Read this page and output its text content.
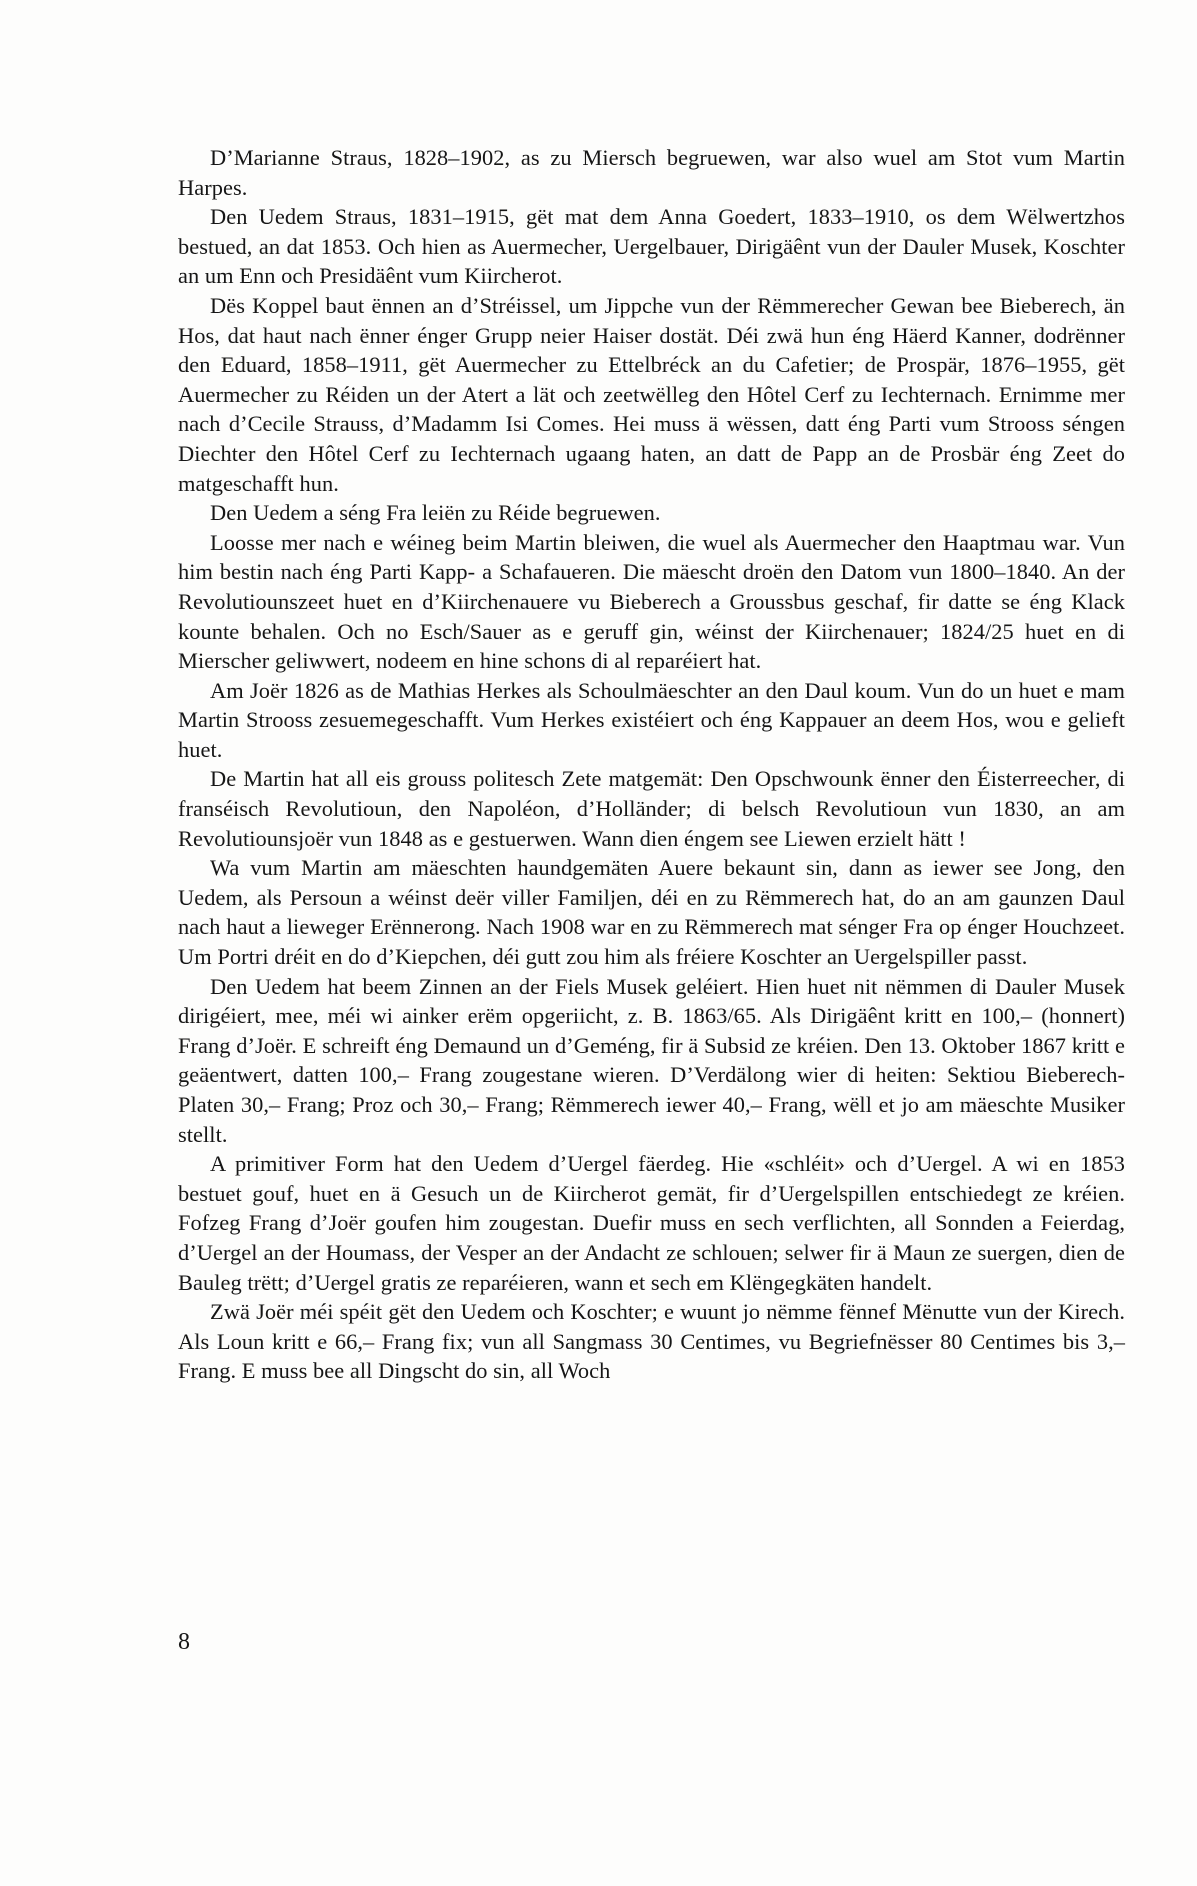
D’Marianne Straus, 1828–1902, as zu Miersch begruewen, war also wuel am Stot vum Martin Harpes.

Den Uedem Straus, 1831–1915, gët mat dem Anna Goedert, 1833–1910, os dem Wëlwertzhos bestued, an dat 1853. Och hien as Auermecher, Uergelbauer, Dirigäênt vun der Dauler Musek, Koschter an um Enn och Presidäênt vum Kiircherot.

Dës Koppel baut ënnen an d’Stréissel, um Jippche vun der Rëmmerecher Gewan bee Bieberech, än Hos, dat haut nach ënner énger Grupp neier Haiser dostät. Déi zwä hun éng Häerd Kanner, dodrënner den Eduard, 1858–1911, gët Auermecher zu Ettelbréck an du Cafetier; de Prospär, 1876–1955, gët Auermecher zu Réiden un der Atert a lät och zeetwëlleg den Hôtel Cerf zu Iechternach. Ernimme mer nach d’Cecile Strauss, d’Madamm Isi Comes. Hei muss ä wëssen, datt éng Parti vum Strooss séngen Diechter den Hôtel Cerf zu Iechternach ugaang haten, an datt de Papp an de Prosbär éng Zeet do matgeschafft hun.

Den Uedem a séng Fra leiën zu Réide begruewen.

Loosse mer nach e wéineg beim Martin bleiwen, die wuel als Auermecher den Haaptmau war. Vun him bestin nach éng Parti Kapp- a Schafaueren. Die mäescht droën den Datom vun 1800–1840. An der Revolutiounszeet huet en d’Kiirchenauere vu Bieberech a Groussbus geschaf, fir datte se éng Klack kounte behalen. Och no Esch/Sauer as e geruff gin, wéinst der Kiirchenauer; 1824/25 huet en di Mierscher geliwwert, nodeem en hine schons di al reparéiert hat.

Am Joër 1826 as de Mathias Herkes als Schoulmäeschter an den Daul koum. Vun do un huet e mam Martin Strooss zesuemegeschafft. Vum Herkes existéiert och éng Kappauer an deem Hos, wou e gelieft huet.

De Martin hat all eis grouss politesch Zete matgemät: Den Opschwounk ënner den Éisterreecher, di franséisch Revolutioun, den Napoléon, d’Holländer; di belsch Revolutioun vun 1830, an am Revolutiounsjoër vun 1848 as e gestuerwen. Wann dien éngem see Liewen erzielt hätt !

Wa vum Martin am mäeschten haundgemäten Auere bekaunt sin, dann as iewer see Jong, den Uedem, als Persoun a wéinst deër viller Familjen, déi en zu Rëmmerech hat, do an am gaunzen Daul nach haut a lieweger Erënnerong. Nach 1908 war en zu Rëmmerech mat sénger Fra op énger Houchzeet. Um Portri dréit en do d’Kiepchen, déi gutt zou him als fréiere Koschter an Uergelspiller passt.

Den Uedem hat beem Zinnen an der Fiels Musek geléiert. Hien huet nit nëmmen di Dauler Musek dirigéiert, mee, méi wi ainker erëm opgeriicht, z. B. 1863/65. Als Dirigäênt kritt en 100,– (honnert) Frang d’Joër. E schreift éng Demaund un d’Geméng, fir ä Subsid ze kréien. Den 13. Oktober 1867 kritt e geäentwert, datten 100,– Frang zougestane wieren. D’Verdälong wier di heiten: Sektiou Bieberech-Platen 30,– Frang; Proz och 30,– Frang; Rëmmerech iewer 40,– Frang, wëll et jo am mäeschte Musiker stellt.

A primitiver Form hat den Uedem d’Uergel fäerdeg. Hie «schléit» och d’Uergel. A wi en 1853 bestuet gouf, huet en ä Gesuch un de Kiircherot gemät, fir d’Uergelspillen entschiedegt ze kréien. Fofzeg Frang d’Joër goufen him zougestan. Duefir muss en sech verflichten, all Sonnden a Feierdag, d’Uergel an der Houmass, der Vesper an der Andacht ze schlouen; selwer fir ä Maun ze suergen, dien de Bauleg trëtt; d’Uergel gratis ze reparéieren, wann et sech em Klëngegkäten handelt.

Zwä Joër méi spéit gët den Uedem och Koschter; e wuunt jo nëmme fënnef Mënutte vun der Kirech. Als Loun kritt e 66,– Frang fix; vun all Sangmass 30 Centimes, vu Begriefnësser 80 Centimes bis 3,– Frang. E muss bee all Dingscht do sin, all Woch

8
